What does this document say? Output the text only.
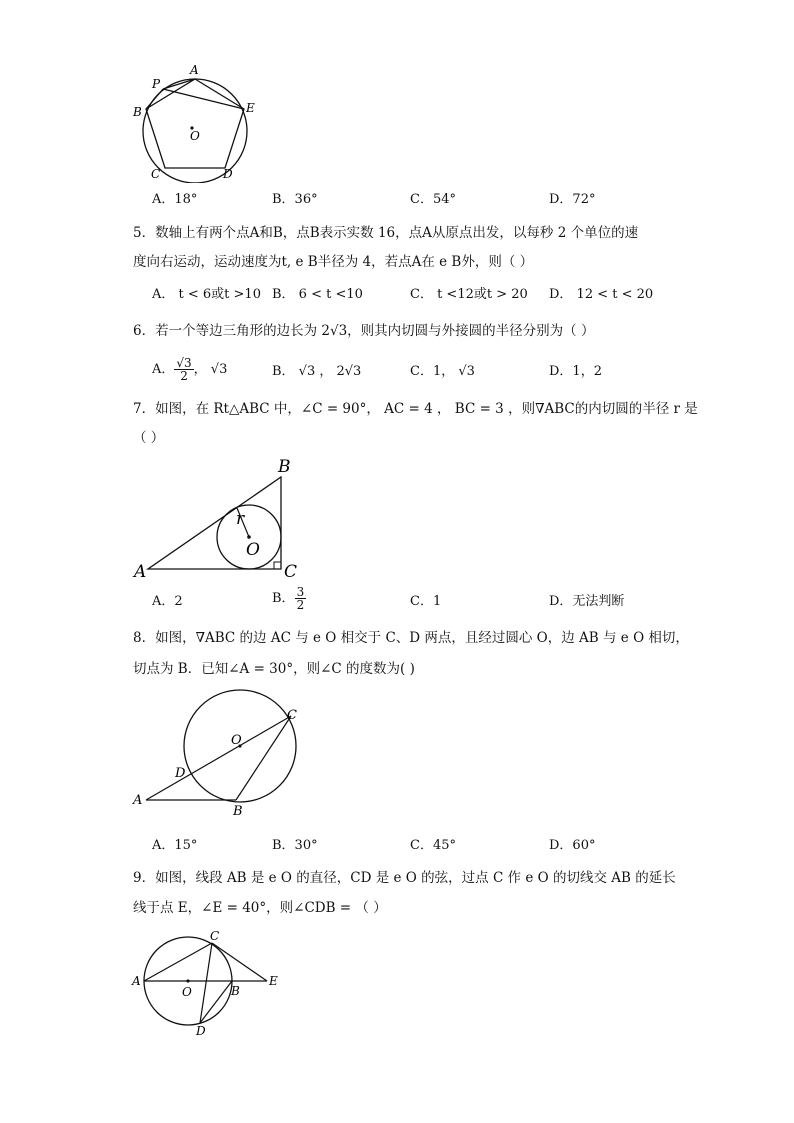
A
P
B	E
O
C	D
A．18°	B．36°	C．54°	D．72°
5．数轴上有两个点A和B，点B表示实数 16，点A从原点出发，以每秒 2 个单位的速
度向右运动，运动速度为t, e B半径为 4，若点A在 e B外，则（ ）
A． t < 6或t >10 B． 6 < t <10	C． t <12或t > 20 D． 12 < t < 20
6．若一个等边三角形的边长为 2√3，则其内切圆与外接圆的半径分别为（ ）
A． $\frac{√3}{2}$ ， √3	B． √3 ， 2√3	C．1， √3	D．1，2
7．如图，在 Rt△ABC 中，∠C = 90°， AC = 4 ， BC = 3 ，则∇ABC的内切圆的半径 r 是
（ ）
B
r
O
A	C
A．2	B． $\frac{3}{2}$	C．1	D．无法判断
8．如图，∇ABC 的边 AC 与 e O 相交于 C、D 两点，且经过圆心 O，边 AB 与 e O 相切，
切点为 B．已知∠A = 30°，则∠C 的度数为( )
C
O
D
A
B
A．15°	B．30°	C．45°	D．60°
9．如图，线段 AB 是 e O 的直径，CD 是 e O 的弦，过点 C 作 e O 的切线交 AB 的延长
线于点 E，∠E = 40°，则∠CDB = （ ）
C
A
O	B
E
D
